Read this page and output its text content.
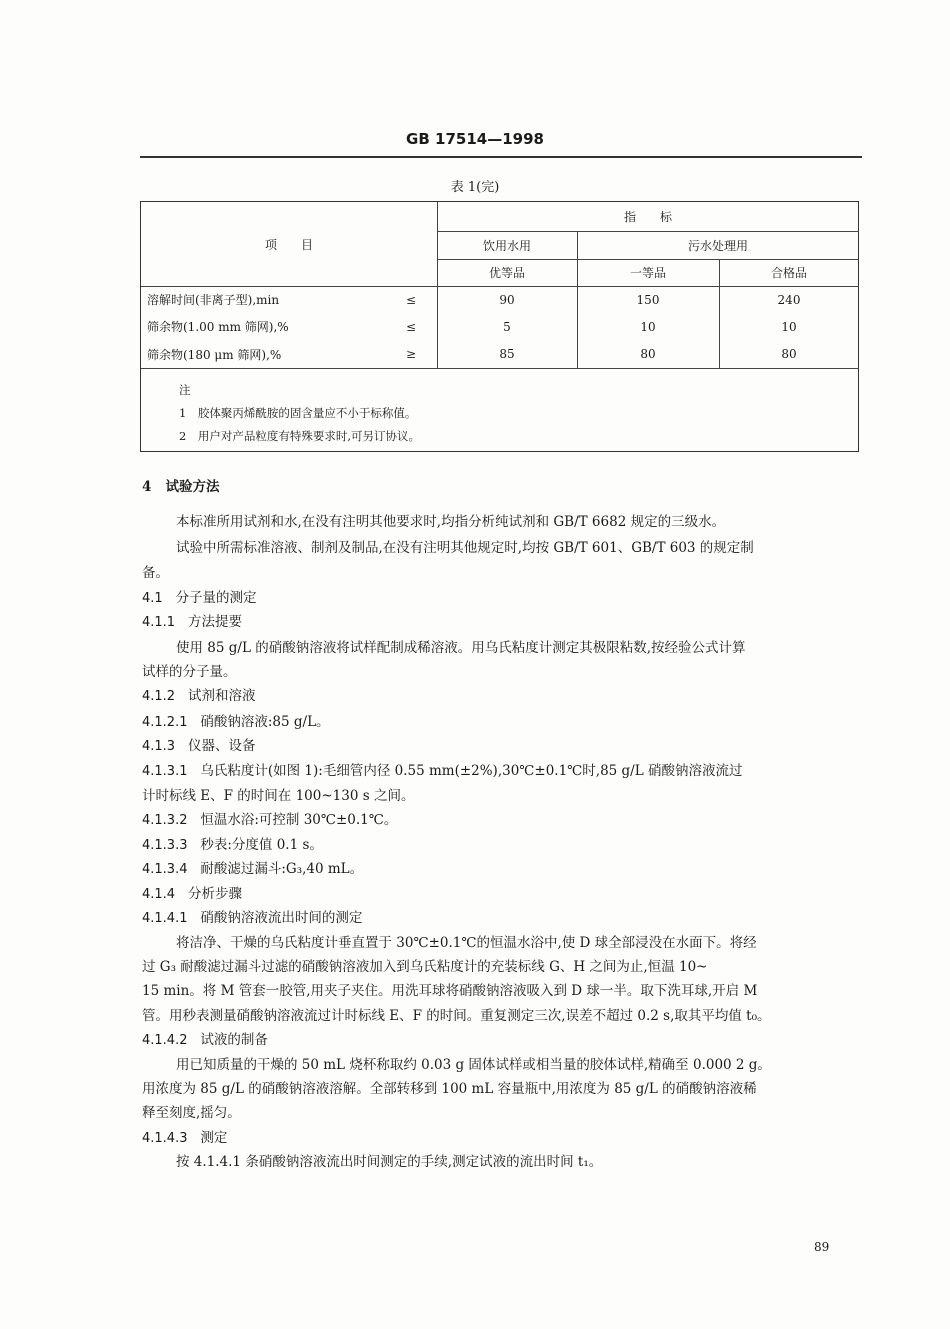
GB 17514—1998
表 1(完)
项　　目
指　　标
饮用水用	污水处理用
优等品	一等品	合格品
溶解时间(非离子型),min	≤	90	150	240
筛余物(1.00 mm 筛网),%	≤	5	10	10
筛余物(180 μm 筛网),%	≥	85	80	80
注
1　胶体聚丙烯酰胺的固含量应不小于标称值。
2　用户对产品粒度有特殊要求时,可另订协议。
4 试验方法
本标准所用试剂和水,在没有注明其他要求时,均指分析纯试剂和 GB/T 6682 规定的三级水。
试验中所需标准溶液、制剂及制品,在没有注明其他规定时,均按 GB/T 601、GB/T 603 的规定制
备。
4.1 分子量的测定
4.1.1 方法提要
使用 85 g/L 的硝酸钠溶液将试样配制成稀溶液。用乌氏粘度计测定其极限粘数,按经验公式计算
试样的分子量。
4.1.2 试剂和溶液
4.1.2.1 硝酸钠溶液:85 g/L。
4.1.3 仪器、设备
4.1.3.1 乌氏粘度计(如图 1):毛细管内径 0.55 mm(±2%),30℃±0.1℃时,85 g/L 硝酸钠溶液流过
计时标线 E、F 的时间在 100~130 s 之间。
4.1.3.2 恒温水浴:可控制 30℃±0.1℃。
4.1.3.3 秒表:分度值 0.1 s。
4.1.3.4 耐酸滤过漏斗:G₃,40 mL。
4.1.4 分析步骤
4.1.4.1 硝酸钠溶液流出时间的测定
将洁净、干燥的乌氏粘度计垂直置于 30℃±0.1℃的恒温水浴中,使 D 球全部浸没在水面下。将经
过 G₃ 耐酸滤过漏斗过滤的硝酸钠溶液加入到乌氏粘度计的充装标线 G、H 之间为止,恒温 10~
15 min。将 M 管套一胶管,用夹子夹住。用洗耳球将硝酸钠溶液吸入到 D 球一半。取下洗耳球,开启 M
管。用秒表测量硝酸钠溶液流过计时标线 E、F 的时间。重复测定三次,误差不超过 0.2 s,取其平均值 t₀。
4.1.4.2 试液的制备
用已知质量的干燥的 50 mL 烧杯称取约 0.03 g 固体试样或相当量的胶体试样,精确至 0.000 2 g。
用浓度为 85 g/L 的硝酸钠溶液溶解。全部转移到 100 mL 容量瓶中,用浓度为 85 g/L 的硝酸钠溶液稀
释至刻度,摇匀。
4.1.4.3 测定
按 4.1.4.1 条硝酸钠溶液流出时间测定的手续,测定试液的流出时间 t₁。
89
